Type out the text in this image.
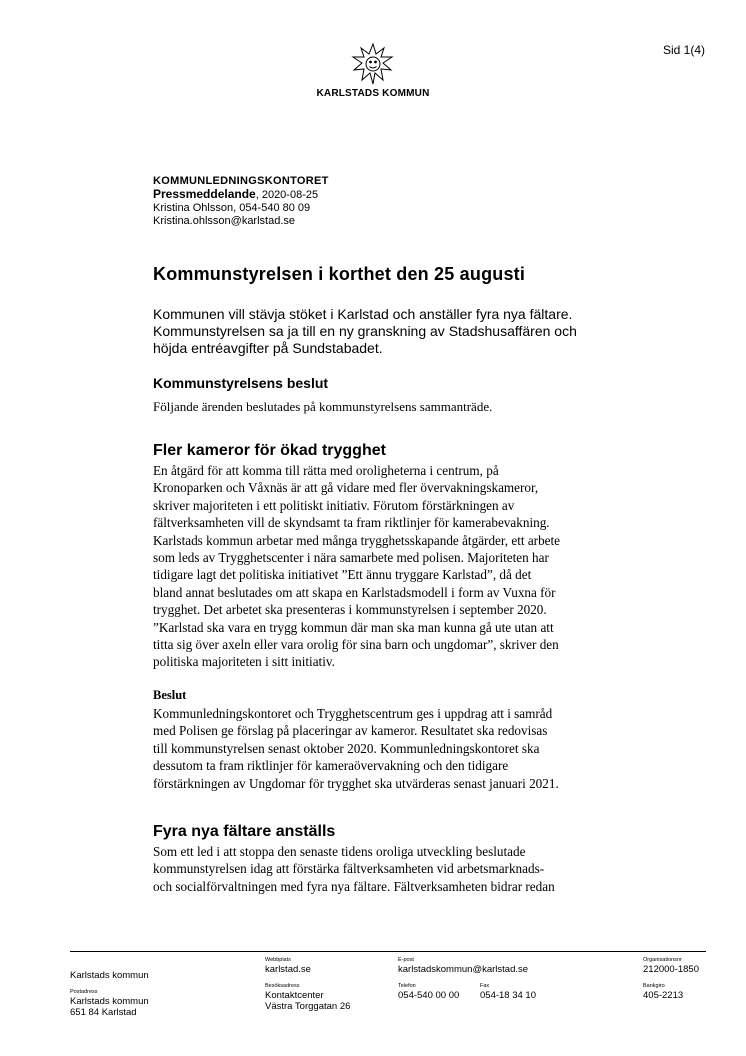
Sid 1(4)
KARLSTADS KOMMUN
KOMMUNLEDNINGSKONTORET
Pressmeddelande, 2020-08-25
Kristina Ohlsson, 054-540 80 09
Kristina.ohlsson@karlstad.se
Kommunstyrelsen i korthet den 25 augusti
Kommunen vill stävja stöket i Karlstad och anställer fyra nya fältare.
Kommunstyrelsen sa ja till en ny granskning av Stadshusaffären och
höjda entréavgifter på Sundstabadet.
Kommunstyrelsens beslut
Följande ärenden beslutades på kommunstyrelsens sammanträde.
Fler kameror för ökad trygghet
En åtgärd för att komma till rätta med oroligheterna i centrum, på
Kronoparken och Våxnäs är att gå vidare med fler övervakningskameror,
skriver majoriteten i ett politiskt initiativ. Förutom förstärkningen av
fältverksamheten vill de skyndsamt ta fram riktlinjer för kamerabevakning.
Karlstads kommun arbetar med många trygghetsskapande åtgärder, ett arbete
som leds av Trygghetscenter i nära samarbete med polisen. Majoriteten har
tidigare lagt det politiska initiativet ”Ett ännu tryggare Karlstad”, då det
bland annat beslutades om att skapa en Karlstadsmodell i form av Vuxna för
trygghet. Det arbetet ska presenteras i kommunstyrelsen i september 2020.
”Karlstad ska vara en trygg kommun där man ska man kunna gå ute utan att
titta sig över axeln eller vara orolig för sina barn och ungdomar”, skriver den
politiska majoriteten i sitt initiativ.
Beslut
Kommunledningskontoret och Trygghetscentrum ges i uppdrag att i samråd
med Polisen ge förslag på placeringar av kameror. Resultatet ska redovisas
till kommunstyrelsen senast oktober 2020. Kommunledningskontoret ska
dessutom ta fram riktlinjer för kameraövervakning och den tidigare
förstärkningen av Ungdomar för trygghet ska utvärderas senast januari 2021.
Fyra nya fältare anställs
Som ett led i att stoppa den senaste tidens oroliga utveckling beslutade
kommunstyrelsen idag att förstärka fältverksamheten vid arbetsmarknads-
och socialförvaltningen med fyra nya fältare. Fältverksamheten bidrar redan

Karlstads kommun
Postadress
Karlstads kommun
651 84 Karlstad
Webbplats
karlstad.se
Besöksadress
Kontaktcenter
Västra Torggatan 26
E-post
karlstadskommun@karlstad.se
Telefon
054-540 00 00
Fax
054-18 34 10
Organisationsnr
212000-1850
Bankgiro
405-2213
